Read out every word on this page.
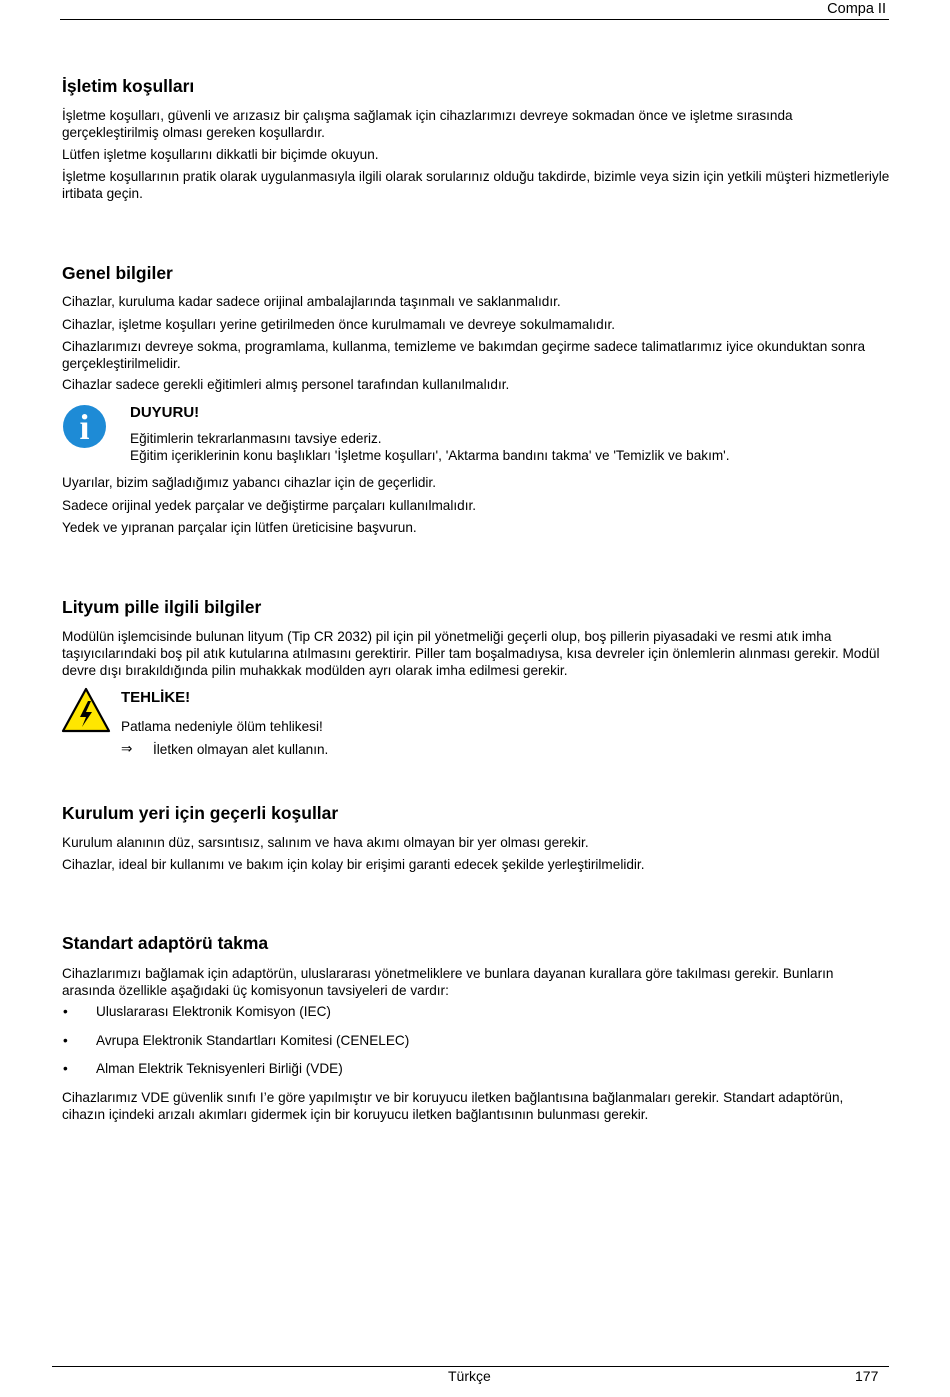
Compa II
İşletim koşulları
İşletme koşulları, güvenli ve arızasız bir çalışma sağlamak için cihazlarımızı devreye sokmadan önce ve işletme sırasında gerçekleştirilmiş olması gereken koşullardır.
Lütfen işletme koşullarını dikkatli bir biçimde okuyun.
İşletme koşullarının pratik olarak uygulanmasıyla ilgili olarak sorularınız olduğu takdirde, bizimle veya sizin için yetkili müşteri hizmetleriyle irtibata geçin.
Genel bilgiler
Cihazlar, kuruluma kadar sadece orijinal ambalajlarında taşınmalı ve saklanmalıdır.
Cihazlar, işletme koşulları yerine getirilmeden önce kurulmamalı ve devreye sokulmamalıdır.
Cihazlarımızı devreye sokma, programlama, kullanma, temizleme ve bakımdan geçirme sadece talimatlarımız iyice okunduktan sonra gerçekleştirilmelidir.
Cihazlar sadece gerekli eğitimleri almış personel tarafından kullanılmalıdır.
i	DUYURU!
Eğitimlerin tekrarlanmasını tavsiye ederiz.
Eğitim içeriklerinin konu başlıkları 'İşletme koşulları', 'Aktarma bandını takma' ve 'Temizlik ve bakım'.
Uyarılar, bizim sağladığımız yabancı cihazlar için de geçerlidir.
Sadece orijinal yedek parçalar ve değiştirme parçaları kullanılmalıdır.
Yedek ve yıpranan parçalar için lütfen üreticisine başvurun.
Lityum pille ilgili bilgiler
Modülün işlemcisinde bulunan lityum (Tip CR 2032) pil için pil yönetmeliği geçerli olup, boş pillerin piyasadaki ve resmi atık imha taşıyıcılarındaki boş pil atık kutularına atılmasını gerektirir. Piller tam boşalmadıysa, kısa devreler için önlemlerin alınması gerekir. Modül devre dışı bırakıldığında pilin muhakkak modülden ayrı olarak imha edilmesi gerekir.
TEHLİKE!
Patlama nedeniyle ölüm tehlikesi!
⇒ İletken olmayan alet kullanın.
Kurulum yeri için geçerli koşullar
Kurulum alanının düz, sarsıntısız, salınım ve hava akımı olmayan bir yer olması gerekir.
Cihazlar, ideal bir kullanımı ve bakım için kolay bir erişimi garanti edecek şekilde yerleştirilmelidir.
Standart adaptörü takma
Cihazlarımızı bağlamak için adaptörün, uluslararası yönetmeliklere ve bunlara dayanan kurallara göre takılması gerekir. Bunların arasında özellikle aşağıdaki üç komisyonun tavsiyeleri de vardır:
• Uluslararası Elektronik Komisyon (IEC)
• Avrupa Elektronik Standartları Komitesi (CENELEC)
• Alman Elektrik Teknisyenleri Birliği (VDE)
Cihazlarımız VDE güvenlik sınıfı I’e göre yapılmıştır ve bir koruyucu iletken bağlantısına bağlanmaları gerekir. Standart adaptörün, cihazın içindeki arızalı akımları gidermek için bir koruyucu iletken bağlantısının bulunması gerekir.
Türkçe	177
